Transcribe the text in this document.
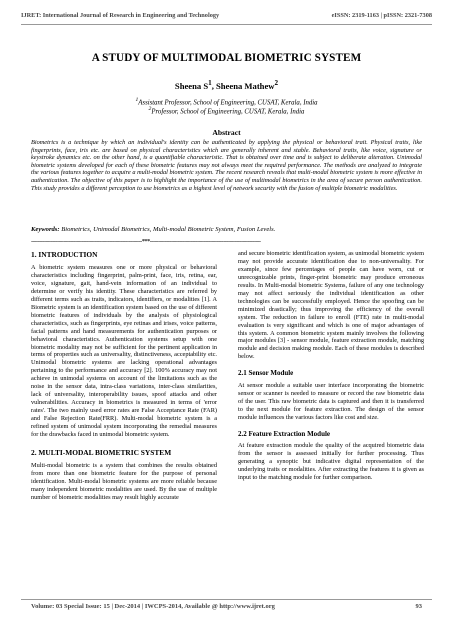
IJRET: International Journal of Research in Engineering and Technology	eISSN: 2319-1163 | pISSN: 2321-7308
A STUDY OF MULTIMODAL BIOMETRIC SYSTEM
Sheena $S^1$, Sheena Mathew$^2$
$^1$Assistant Professor, School of Engineering, CUSAT, Kerala, India
$^2$Professor, School of Engineering, CUSAT, Kerala, India
Abstract
Biometrics is a technique by which an individual's identity can be authenticated by applying the physical or behavioral trait. Physical traits, like fingerprints, face, iris etc. are based on physical characteristics which are generally inherent and stable. Behavioral traits, like voice, signature or keystroke dynamics etc. on the other hand, is a quantifiable characteristic. That is obtained over time and is subject to deliberate alteration. Unimodal biometric systems developed for each of these biometric features may not always meet the required performance. The methods are analyzed to integrate the various features together to acquire a multi-modal biometric system. The recent research reveals that multi-modal biometric system is more effective in authentication. The objective of this paper is to highlight the importance of the use of multimodal biometrics in the area of secure person authentication. This study provides a different perception to use biometrics as a highest level of network security with the fusion of multiple biometric modalities.
Keywords: Biometrics, Unimodal Biometrics, Multi-modal Biometric System, Fusion Levels.
--------------------------------------------------------------------***--------------------------------------------------------------------
1. INTRODUCTION

A biometric system measures one or more physical or behavioral characteristics including fingerprint, palm-print, face, iris, retina, ear, voice, signature, gait, hand-vein information of an individual to determine or verify his identity. These characteristics are referred by different terms such as traits, indicators, identifiers, or modalities [1]. A Biometric system is an identification system based on the use of different biometric features of individuals by the analysis of physiological characteristics, such as fingerprints, eye retinas and irises, voice patterns, facial patterns and hand measurements for authentication purposes or behavioral characteristics. Authentication systems setup with one biometric modality may not be sufficient for the pertinent application in terms of properties such as universality, distinctiveness, acceptability etc. Unimodal biometric systems are lacking operational advantages pertaining to the performance and accuracy [2]. 100% accuracy may not achieve in unimodal systems on account of the limitations such as the noise in the sensor data, intra-class variations, inter-class similarities, lack of universality, interoperability issues, spoof attacks and other vulnerabilities. Accuracy in biometrics is measured in terms of 'error rates'. The two mainly used error rates are False Acceptance Rate (FAR) and False Rejection Rate(FRR). Multi-modal biometric system is a refined system of unimodal system incorporating the remedial measures for the drawbacks faced in unimodal biometric system.

2. MULTI-MODAL BIOMETRIC SYSTEM

Multi-modal biometric is a system that combines the results obtained from more than one biometric feature for the purpose of personal identification. Multi-modal biometric systems are more reliable because many independent biometric modalities are used. By the use of multiple number of biometric modalities may result highly accurate

and secure biometric identification system, as unimodal biometric system may not provide accurate identification due to non-universality. For example, since few percentages of people can have worn, cut or unrecognizable prints, finger-print biometric may produce erroneous results. In Multi-modal biometric Systems, failure of any one technology may not affect seriously the individual identification as other technologies can be successfully employed. Hence the spoofing can be minimized drastically; thus improving the efficiency of the overall system. The reduction in failure to enroll (FTE) rate in multi-modal evaluation is very significant and which is one of major advantages of this system. A common biometric system mainly involves the following major modules [3] - sensor module, feature extraction module, matching module and decision making module. Each of these modules is described below.

2.1 Sensor Module

At sensor module a suitable user interface incorporating the biometric sensor or scanner is needed to measure or record the raw biometric data of the user. This raw biometric data is captured and then it is transferred to the next module for feature extraction. The design of the sensor module influences the various factors like cost and size.

2.2 Feature Extraction Module

At feature extraction module the quality of the acquired biometric data from the sensor is assessed initially for further processing. Thus generating a synoptic but indicative digital representation of the underlying traits or modalities. After extracting the features it is given as input to the matching module for further comparison.

Volume: 03 Special Issue: 15 | Dec-2014 | IWCPS-2014, Available @ http://www.ijret.org	93
